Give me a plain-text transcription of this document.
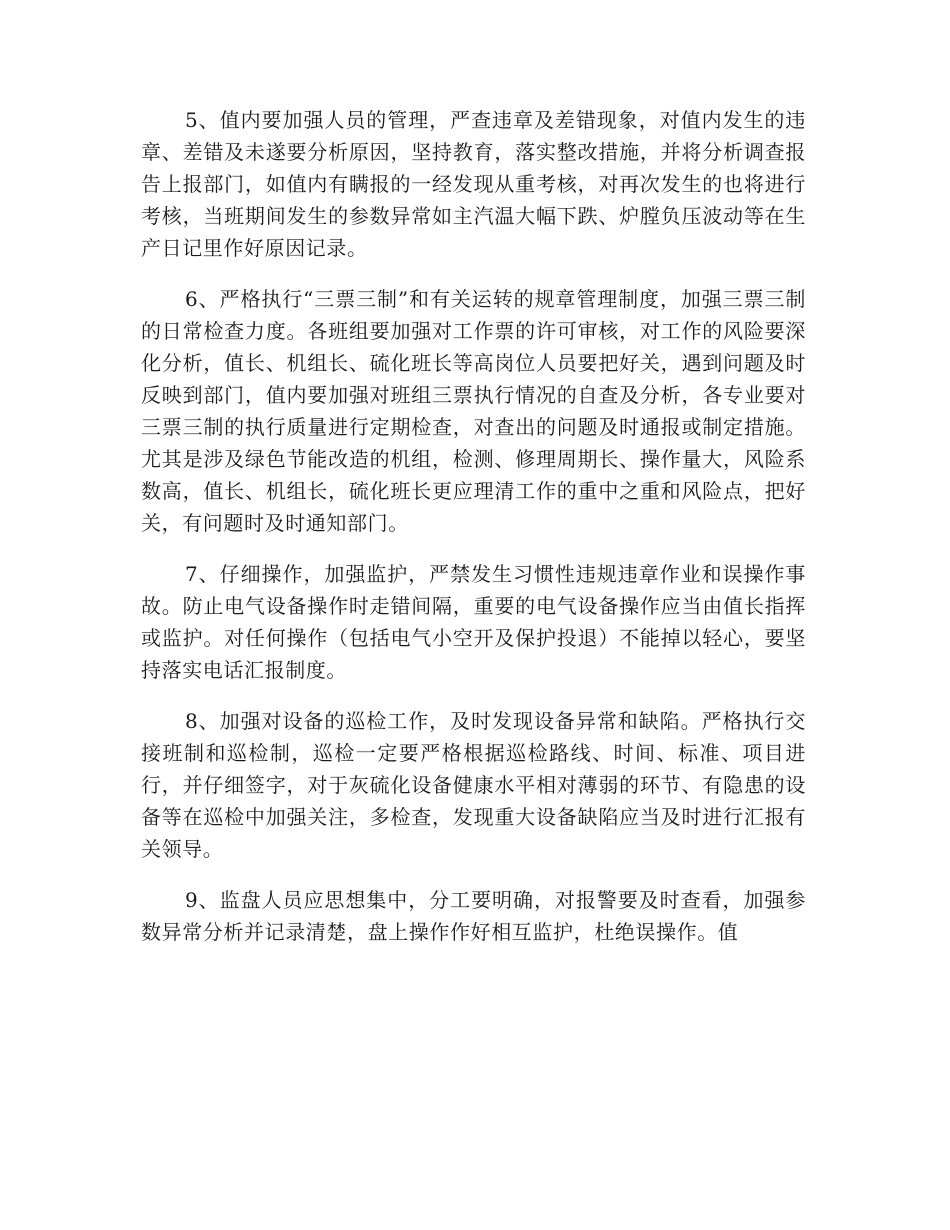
5、值内要加强人员的管理，严查违章及差错现象，对值内发生的违章、差错及未遂要分析原因，坚持教育，落实整改措施，并将分析调查报告上报部门，如值内有瞒报的一经发现从重考核，对再次发生的也将进行考核，当班期间发生的参数异常如主汽温大幅下跌、炉膛负压波动等在生产日记里作好原因记录。

6、严格执行“三票三制”和有关运转的规章管理制度，加强三票三制的日常检查力度。各班组要加强对工作票的许可审核，对工作的风险要深化分析，值长、机组长、硫化班长等高岗位人员要把好关，遇到问题及时反映到部门，值内要加强对班组三票执行情况的自查及分析，各专业要对三票三制的执行质量进行定期检查，对查出的问题及时通报或制定措施。尤其是涉及绿色节能改造的机组，检测、修理周期长、操作量大，风险系数高，值长、机组长，硫化班长更应理清工作的重中之重和风险点，把好关，有问题时及时通知部门。

7、仔细操作，加强监护，严禁发生习惯性违规违章作业和误操作事故。防止电气设备操作时走错间隔，重要的电气设备操作应当由值长指挥或监护。对任何操作（包括电气小空开及保护投退）不能掉以轻心，要坚持落实电话汇报制度。

8、加强对设备的巡检工作，及时发现设备异常和缺陷。严格执行交接班制和巡检制，巡检一定要严格根据巡检路线、时间、标准、项目进行，并仔细签字，对于灰硫化设备健康水平相对薄弱的环节、有隐患的设备等在巡检中加强关注，多检查，发现重大设备缺陷应当及时进行汇报有关领导。

9、监盘人员应思想集中，分工要明确，对报警要及时查看，加强参数异常分析并记录清楚，盘上操作作好相互监护，杜绝误操作。值
